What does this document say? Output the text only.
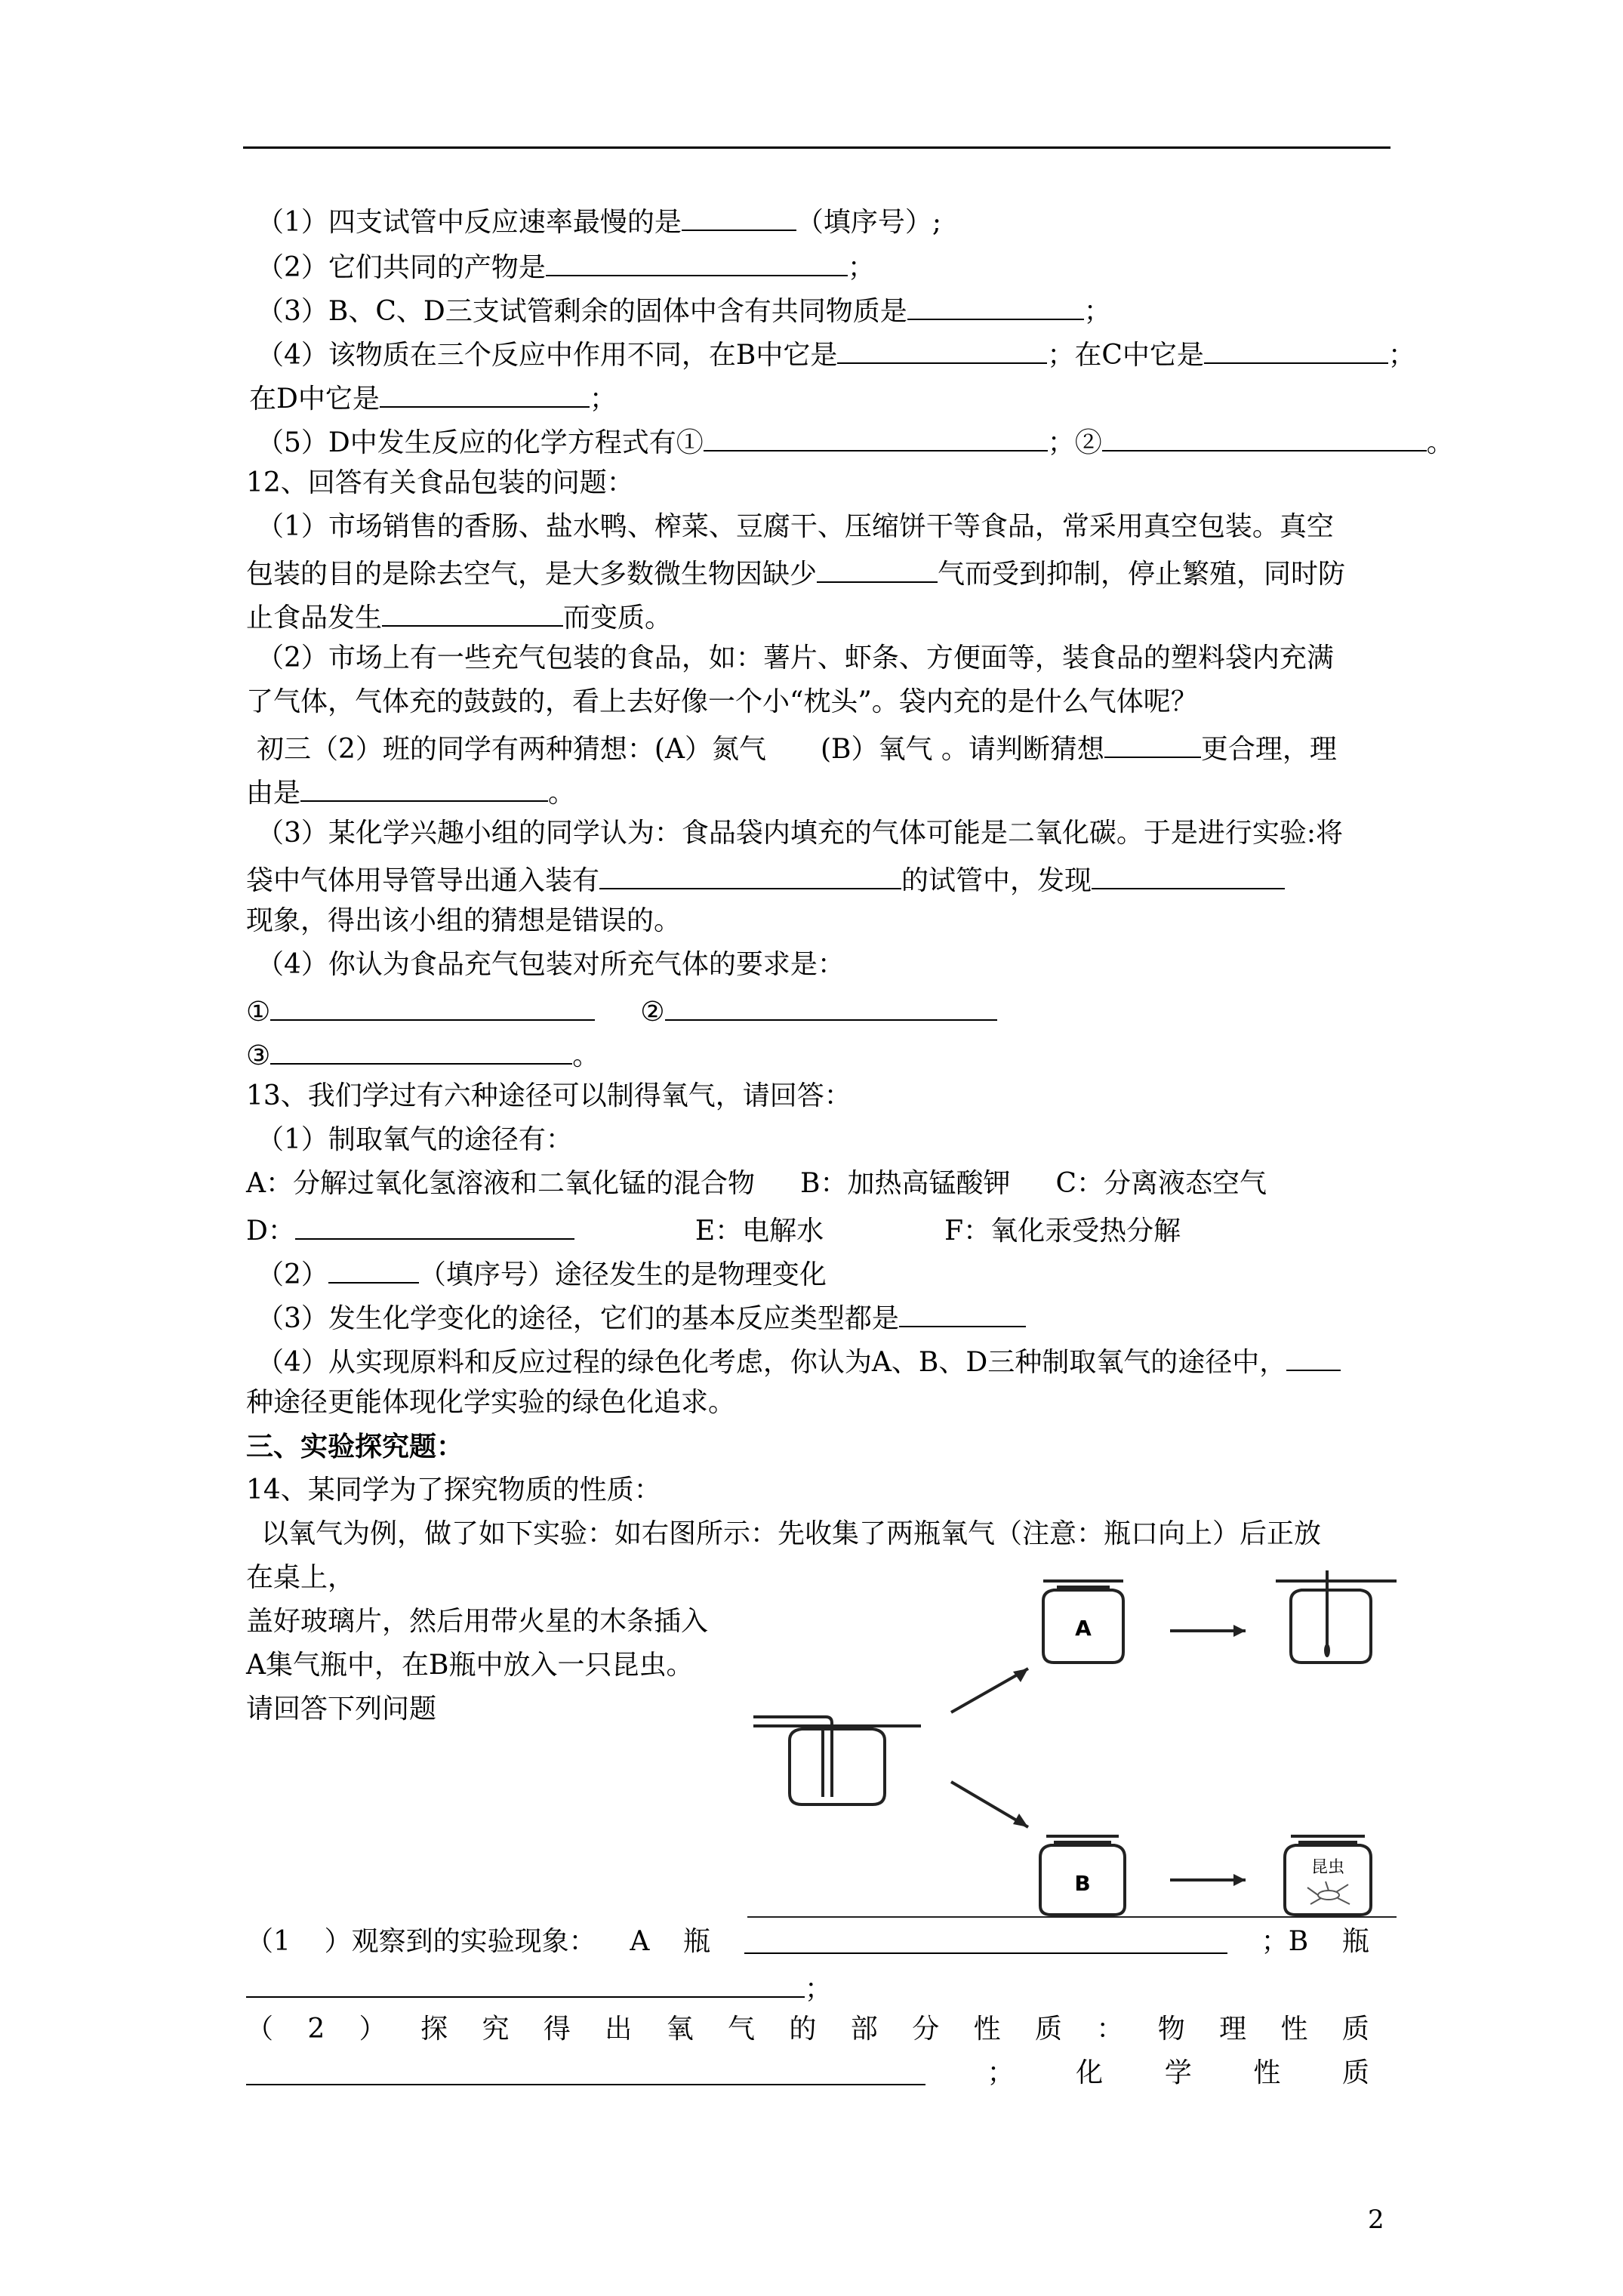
（1）四支试管中反应速率最慢的是	（填序号）;
（2）它们共同的产物是	；
（3）B、C、D三支试管剩余的固体中含有共同物质是	；
（4）该物质在三个反应中作用不同，在B中它是	；在C中它是	；
在D中它是	；
（5）D中发生反应的化学方程式有①	；②	。
12、回答有关食品包装的问题：
（1）市场销售的香肠、盐水鸭、榨菜、豆腐干、压缩饼干等食品，常采用真空包装。真空
包装的目的是除去空气，是大多数微生物因缺少	气而受到抑制，停止繁殖，同时防
止食品发生	而变质。
（2）市场上有一些充气包装的食品，如：薯片、虾条、方便面等，装食品的塑料袋内充满
了气体，气体充的鼓鼓的，看上去好像一个小“枕头”。袋内充的是什么气体呢？
初三（2）班的同学有两种猜想：(A）氮气　　(B）氧气 。请判断猜想	更合理，理
由是	。
（3）某化学兴趣小组的同学认为：食品袋内填充的气体可能是二氧化碳。于是进行实验:将
袋中气体用导管导出通入装有	的试管中，发现
现象，得出该小组的猜想是错误的。
（4）你认为食品充气包装对所充气体的要求是：
①	②
③	。
13、我们学过有六种途径可以制得氧气，请回答：
（1）制取氧气的途径有：
A：分解过氧化氢溶液和二氧化锰的混合物 B：加热高锰酸钾 C：分离液态空气
D：	E：电解水	F：氧化汞受热分解
（2）	（填序号）途径发生的是物理变化
（3）发生化学变化的途径，它们的基本反应类型都是
（4）从实现原料和反应过程的绿色化考虑，你认为A、B、D三种制取氧气的途径中，
种途径更能体现化学实验的绿色化追求。
三、实验探究题：
14、某同学为了探究物质的性质：
以氧气为例，做了如下实验：如右图所示：先收集了两瓶氧气（注意：瓶口向上）后正放
在桌上，
盖好玻璃片，然后用带火星的木条插入
A集气瓶中，在B瓶中放入一只昆虫。
请回答下列问题
A
B
昆虫
（1 ）观察到的实验现象： A 瓶	；B 瓶
；
（ 2 ） 探 究 得 出 氧 气 的 部 分 性 质 ： 物 理 性 质
； 化 学 性 质
2
